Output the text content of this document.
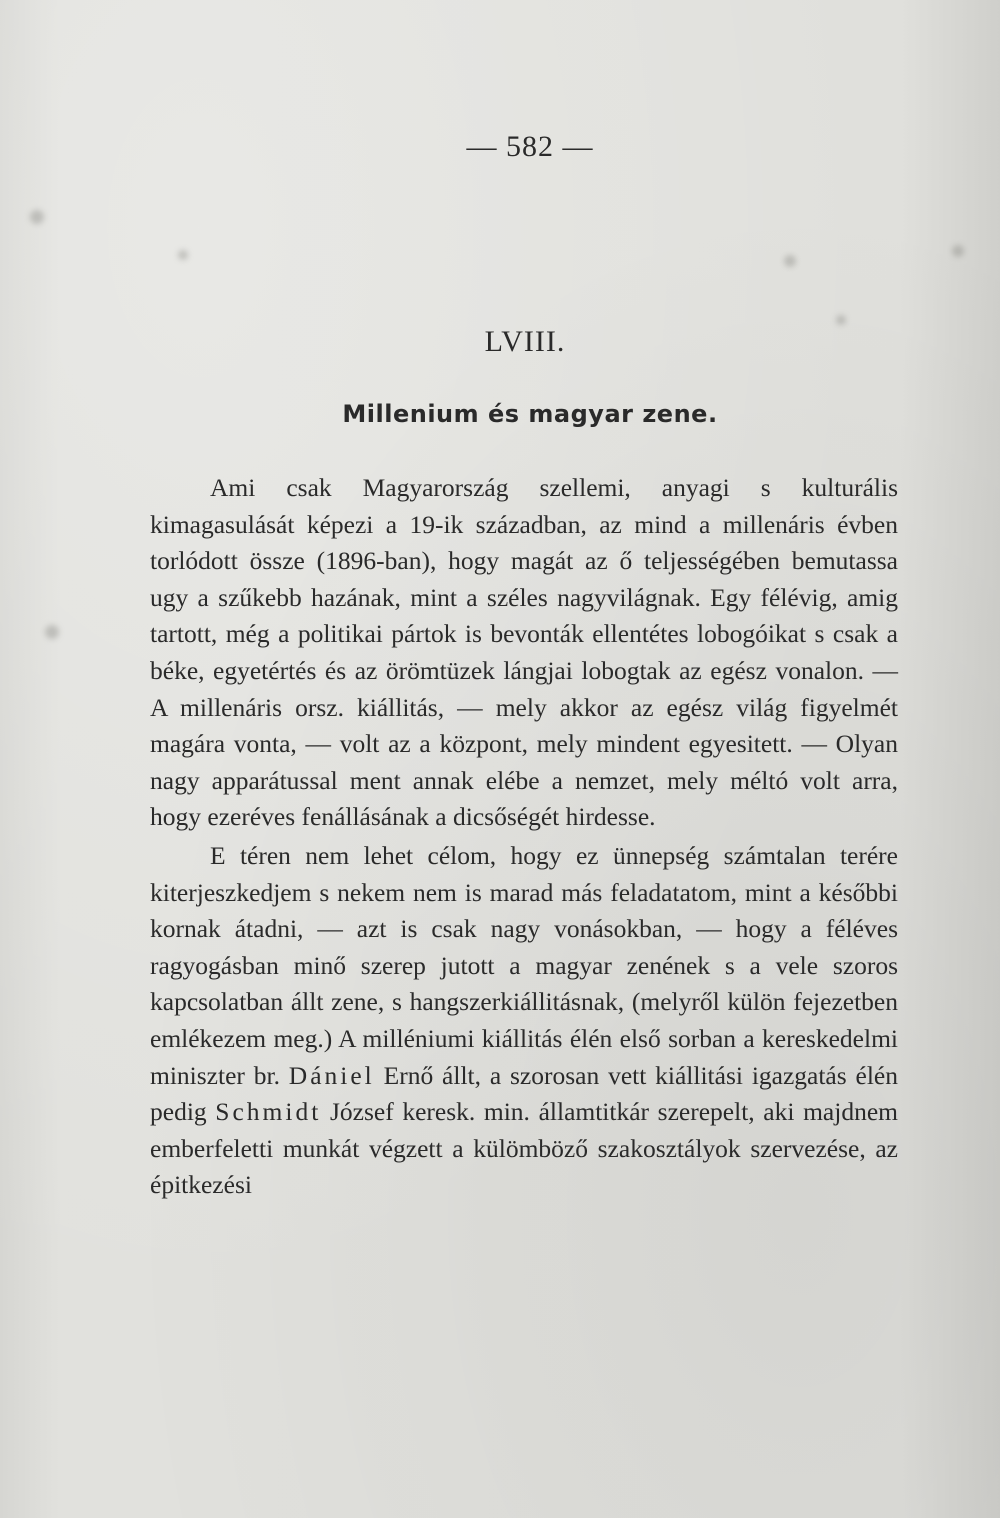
— 582 —
LVIII.
Millenium és magyar zene.

Ami csak Magyarország szellemi, anyagi s kulturális kimagasulását képezi a 19-ik században, az mind a millenáris évben torlódott össze (1896-ban), hogy magát az ő teljességében bemutassa ugy a szűkebb hazának, mint a széles nagyvilágnak. Egy félévig, amig tartott, még a politikai pártok is bevonták ellentétes lobogóikat s csak a béke, egyetértés és az örömtüzek lángjai lobogtak az egész vonalon. — A millenáris orsz. kiállitás, — mely akkor az egész világ figyelmét magára vonta, — volt az a központ, mely mindent egyesitett. — Olyan nagy apparátussal ment annak elébe a nemzet, mely méltó volt arra, hogy ezeréves fenállásának a dicsőségét hirdesse.

E téren nem lehet célom, hogy ez ünnepség számtalan terére kiterjeszkedjem s nekem nem is marad más feladatatom, mint a későbbi kornak átadni, — azt is csak nagy vonásokban, — hogy a féléves ragyogásban minő szerep jutott a magyar zenének s a vele szoros kapcsolatban állt zene, s hangszerkiállitásnak, (melyről külön fejezetben emlékezem meg.) A milléniumi kiállitás élén első sorban a kereskedelmi miniszter br. Dániel Ernő állt, a szorosan vett kiállitási igazgatás élén pedig Schmidt József keresk. min. államtitkár szerepelt, aki majdnem emberfeletti munkát végzett a külömböző szakosztályok szervezése, az épitkezési
